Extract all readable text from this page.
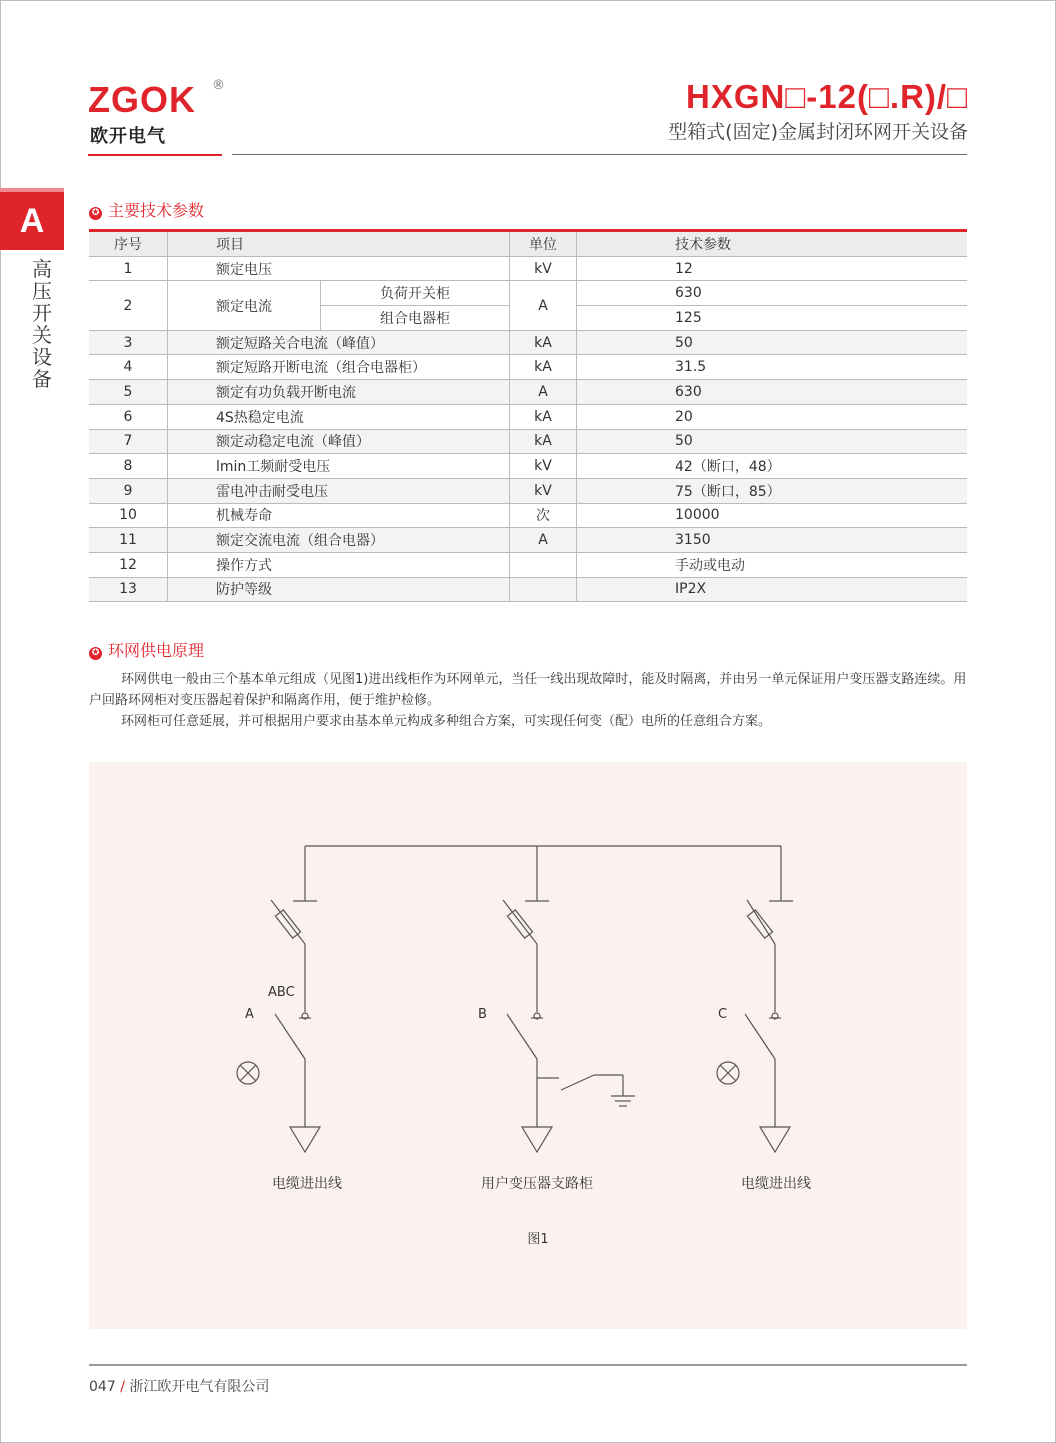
ZGOK ®
欧开电气
HXGN□-12(□.R)/□
型箱式(固定)金属封闭环网开关设备
A
高压开关设备
✪ 主要技术参数
序号	项目		单位	技术参数
1	额定电压		kV	12
2	额定电流	负荷开关柜	A	630
		组合电器柜		125
3	额定短路关合电流（峰值）		kA	50
4	额定短路开断电流（组合电器柜）		kA	31.5
5	额定有功负载开断电流		A	630
6	4S热稳定电流		kA	20
7	额定动稳定电流（峰值）		kA	50
8	lmin工频耐受电压		kV	42（断口，48）
9	雷电冲击耐受电压		kV	75（断口，85）
10	机械寿命		次	10000
11	额定交流电流（组合电器）		A	3150
12	操作方式			手动或电动
13	防护等级			IP2X
✪ 环网供电原理

环网供电一般由三个基本单元组成（见图1)进出线柜作为环网单元，当任一线出现故障时，能及时隔离，并由另一单元保证用户变压器支路连续。用户回路环网柜对变压器起着保护和隔离作用，便于维护检修。

环网柜可任意延展，并可根据用户要求由基本单元构成多种组合方案，可实现任何变（配）电所的任意组合方案。

ABC
A	B	C
电缆进出线	用户变压器支路柜	电缆进出线
图1
047 / 浙江欧开电气有限公司
